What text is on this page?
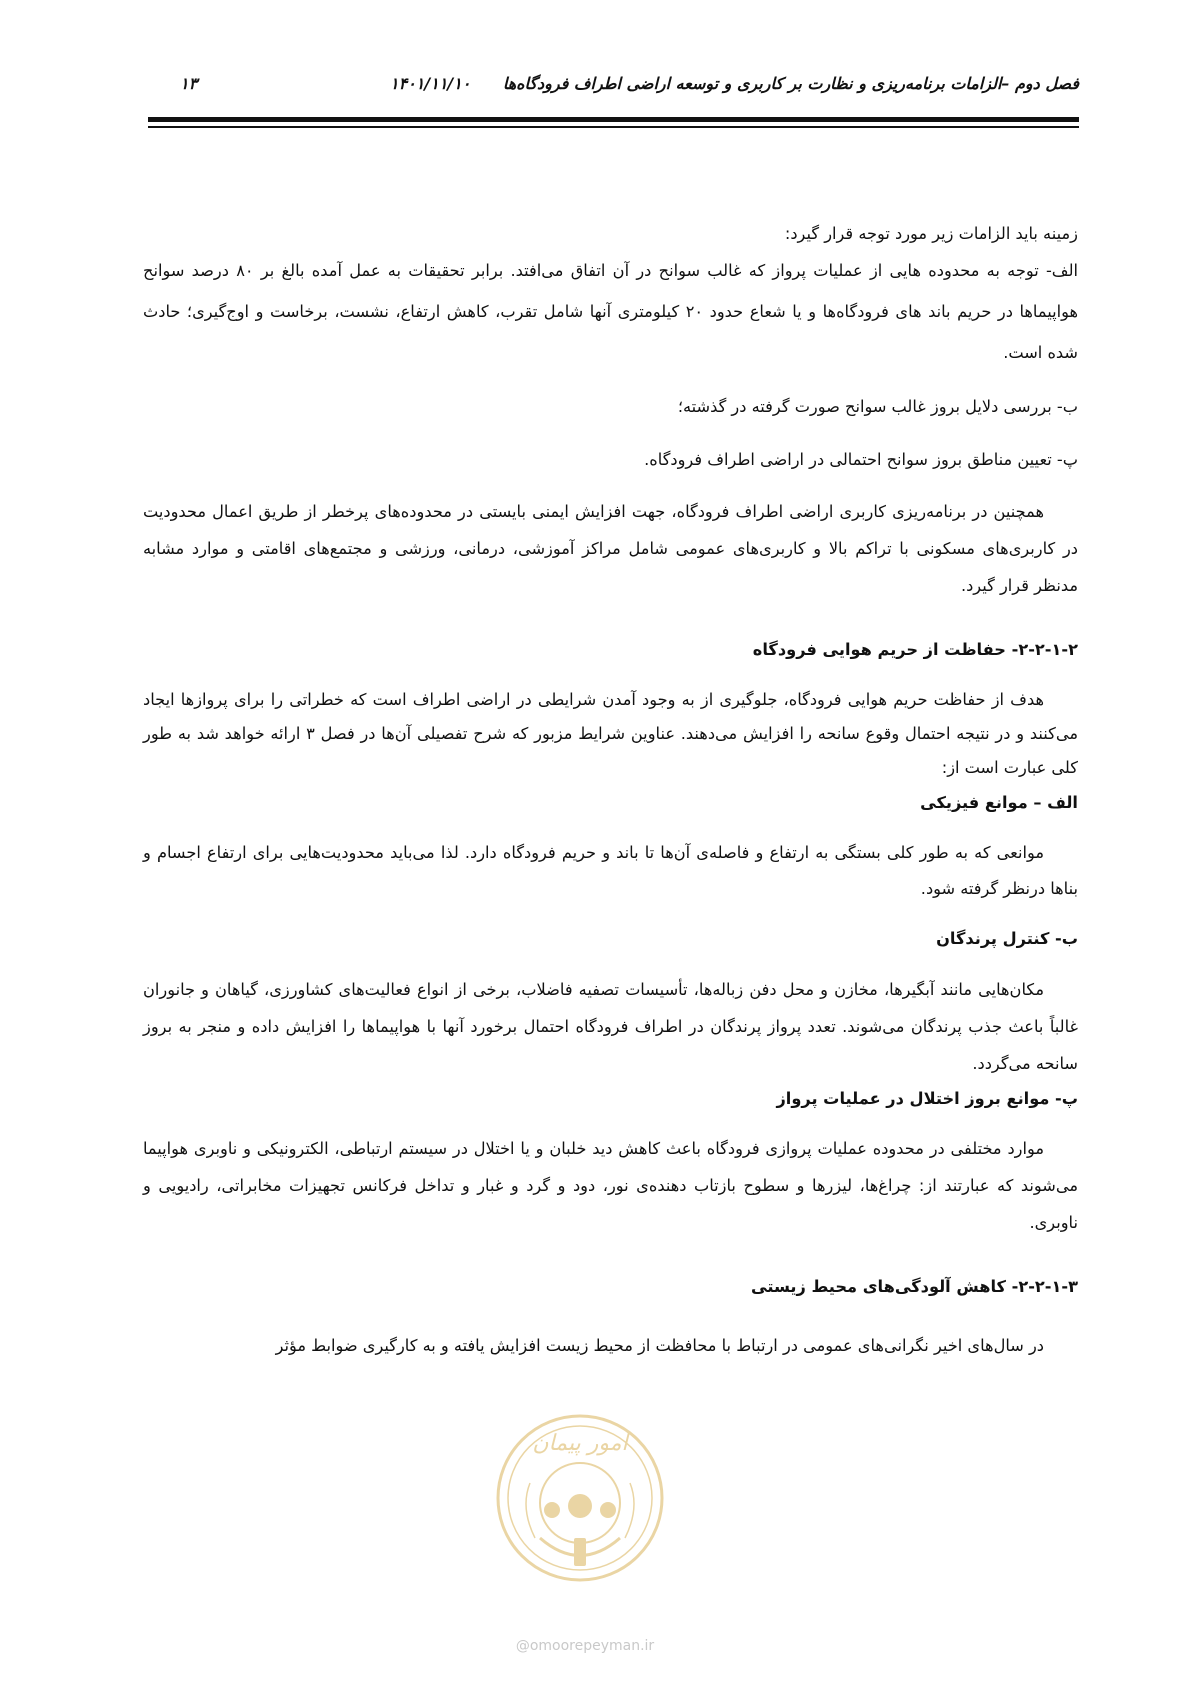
فصل دوم –الزامات برنامه‌ریزی و نظارت بر کاربری و توسعه اراضی اطراف فرودگاه‌ها
۱۴۰۱/۱۱/۱۰
۱۳

زمینه باید الزامات زیر مورد توجه قرار گیرد:

الف- توجه به محدوده هایی از عملیات پرواز که غالب سوانح در آن اتفاق می‌افتد. برابر تحقیقات به عمل آمده بالغ بر ۸۰ درصد سوانح هواپیماها در حریم باند های فرودگاه‌ها و یا شعاع حدود ۲۰ کیلومتری آنها شامل تقرب، کاهش ارتفاع، نشست، برخاست و اوج‌گیری؛ حادث شده است.

ب- بررسی دلایل بروز غالب سوانح صورت گرفته در گذشته؛

پ- تعیین مناطق بروز سوانح احتمالی در اراضی اطراف فرودگاه.

همچنین در برنامه‌ریزی کاربری اراضی اطراف فرودگاه، جهت افزایش ایمنی بایستی در محدوده‌های پرخطر از طریق اعمال محدودیت در کاربری‌های مسکونی با تراکم بالا و کاربری‌های عمومی شامل مراکز آموزشی، درمانی، ورزشی و مجتمع‌های اقامتی و موارد مشابه مدنظر قرار گیرد.

۲-۲-۱-۲- حفاظت از حریم هوایی فرودگاه

هدف از حفاظت حریم هوایی فرودگاه، جلوگیری از به وجود آمدن شرایطی در اراضی اطراف است که خطراتی را برای پروازها ایجاد می‌کنند و در نتیجه احتمال وقوع سانحه را افزایش می‌دهند. عناوین شرایط مزبور که شرح تفصیلی آن‌ها در فصل ۳ ارائه خواهد شد به طور کلی عبارت است از:

الف – موانع فیزیکی

موانعی که به طور کلی بستگی به ارتفاع و فاصله‌ی آن‌ها تا باند و حریم فرودگاه دارد. لذا می‌باید محدودیت‌هایی برای ارتفاع اجسام و بناها درنظر گرفته شود.

ب- کنترل پرندگان

مکان‌هایی مانند آبگیرها، مخازن و محل دفن زباله‌ها، تأسیسات تصفیه فاضلاب، برخی از انواع فعالیت‌های کشاورزی، گیاهان و جانوران غالباً باعث جذب پرندگان می‌شوند. تعدد پرواز پرندگان در اطراف فرودگاه احتمال برخورد آنها با هواپیماها را افزایش داده و منجر به بروز سانحه می‌گردد.

پ- موانع بروز اختلال در عملیات پرواز

موارد مختلفی در محدوده عملیات پروازی فرودگاه باعث کاهش دید خلبان و یا اختلال در سیستم ارتباطی، الکترونیکی و ناوبری هواپیما می‌شوند که عبارتند از: چراغ‌ها، لیزرها و سطوح بازتاب دهنده‌ی نور، دود و گرد و غبار و تداخل فرکانس تجهیزات مخابراتی، رادیویی و ناوبری.

۲-۲-۱-۳- کاهش آلودگی‌های محیط زیستی

در سال‌های اخیر نگرانی‌های عمومی در ارتباط با محافظت از محیط زیست افزایش یافته و به کارگیری ضوابط مؤثر

امور پیمان
@omoorepeyman.ir
